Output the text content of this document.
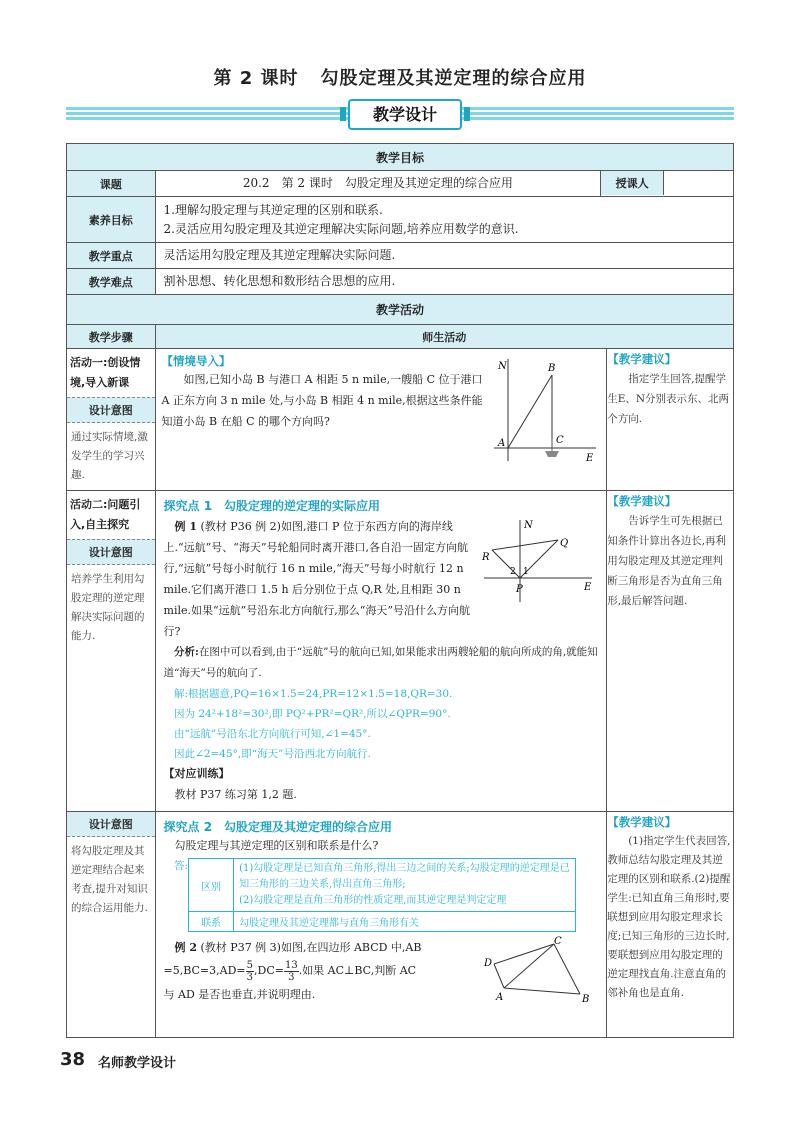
第 2 课时 勾股定理及其逆定理的综合应用
教学设计
教学目标
课题	20.2　第 2 课时　勾股定理及其逆定理的综合应用		授课人	

素养目标	
1.理解勾股定理与其逆定理的区别和联系.
2.灵活应用勾股定理及其逆定理解决实际问题,培养应用数学的意识.

教学重点	灵活运用勾股定理及其逆定理解决实际问题.
教学难点	割补思想、转化思想和数形结合思想的应用.
教学活动
教学步骤	师生活动

活动一:创设情境,导入新课
设计意图
通过实际情境,激发学生的学习兴趣.

【情境导入】
如图,已知小岛 B 与港口 A 相距 5 n mile,一艘船 C 位于港口 A 正东方向 3 n mile 处,与小岛 B 相距 4 n mile,根据这些条件能知道小岛 B 在船 C 的哪个方向吗?
N	B
A	C
E

【教学建议】
指定学生回答,提醒学生E、N分别表示东、北两个方向.

活动二:问题引入,自主探究
设计意图
培养学生利用勾股定理的逆定理解决实际问题的能力.

探究点 1　勾股定理的逆定理的实际应用
例 1 (教材 P36 例 2)如图,港口 P 位于东西方向的海岸线上.“远航”号、“海天”号轮船同时离开港口,各自沿一固定方向航行,“远航”号每小时航行 16 n mile,“海天”号每小时航行 12 n mile.它们离开港口 1.5 h 后分别位于点 Q,R 处,且相距 30 n mile.如果“远航”号沿东北方向航行,那么“海天”号沿什么方向航行?
N
Q
R
2 1
P	E
分析:在图中可以看到,由于“远航”号的航向已知,如果能求出两艘轮船的航向所成的角,就能知道“海天”号的航向了.
解:根据题意,PQ=16×1.5=24,PR=12×1.5=18,QR=30.
因为 24²+18²=30²,即 PQ²+PR²=QR²,所以∠QPR=90°.
由“远航”号沿东北方向航行可知,∠1=45°.
因此∠2=45°,即“海天”号沿西北方向航行.
【对应训练】
教材 P37 练习第 1,2 题.

【教学建议】
告诉学生可先根据已知条件计算出各边长,再利用勾股定理及其逆定理判断三角形是否为直角三角形,最后解答问题.

设计意图
将勾股定理及其逆定理结合起来考查,提升对知识的综合运用能力.

探究点 2　勾股定理及其逆定理的综合应用
勾股定理与其逆定理的区别和联系是什么?
答:
区别	
(1)勾股定理是已知直角三角形,得出三边之间的关系;勾股定理的逆定理是已知三角形的三边关系,得出直角三角形;
(2)勾股定理是直角三角形的性质定理,而其逆定理是判定定理

联系	勾股定理及其逆定理都与直角三角形有关
例 2 (教材 P37 例 3)如图,在四边形 ABCD 中,AB
$=5,BC=3,AD= \frac{5}{3} ,DC= \frac{13}{3}$ .如果 AC⊥BC,判断 AC
与 AD 是否也垂直,并说明理由.
D
C
A	B

【教学建议】
(1)指定学生代表回答,教师总结勾股定理及其逆定理的区别和联系.(2)提醒学生:已知直角三角形时,要联想到应用勾股定理求长度;已知三角形的三边长时,要联想到应用勾股定理的逆定理找直角.注意直角的邻补角也是直角.
38 名师教学设计
